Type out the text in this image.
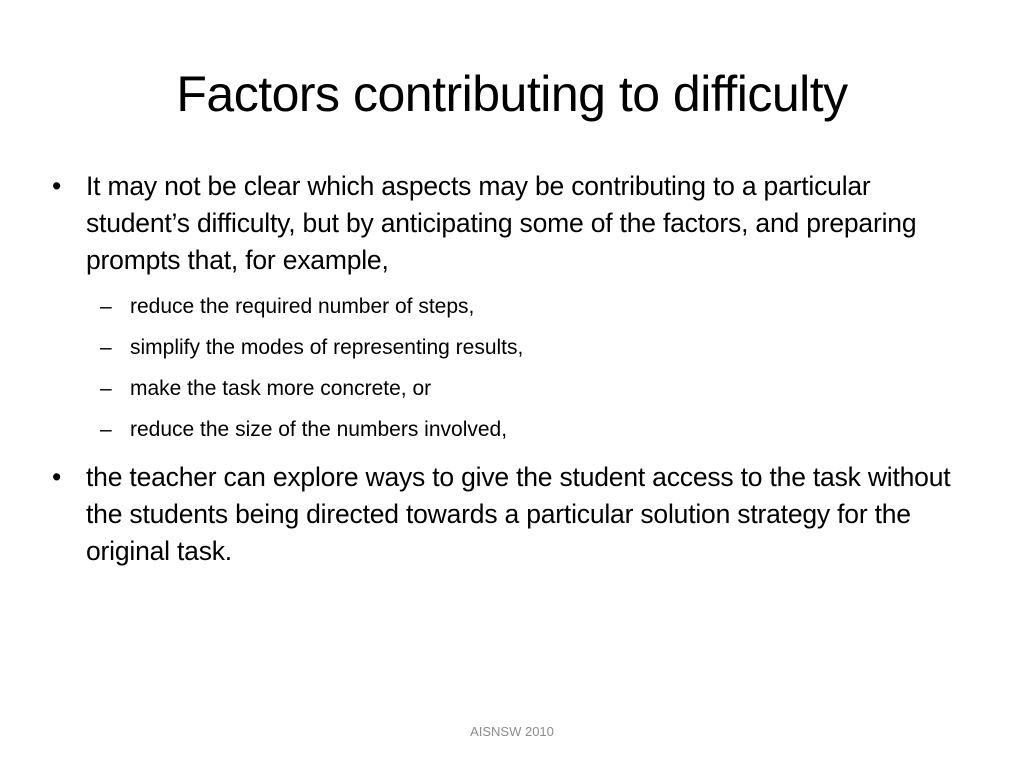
Factors contributing to difficulty
• It may not be clear which aspects may be contributing to a particular student’s difficulty, but by anticipating some of the factors, and preparing prompts that, for example,
– reduce the required number of steps,
– simplify the modes of representing results,
– make the task more concrete, or
– reduce the size of the numbers involved,
• the teacher can explore ways to give the student access to the task without the students being directed towards a particular solution strategy for the original task.
AISNSW 2010
